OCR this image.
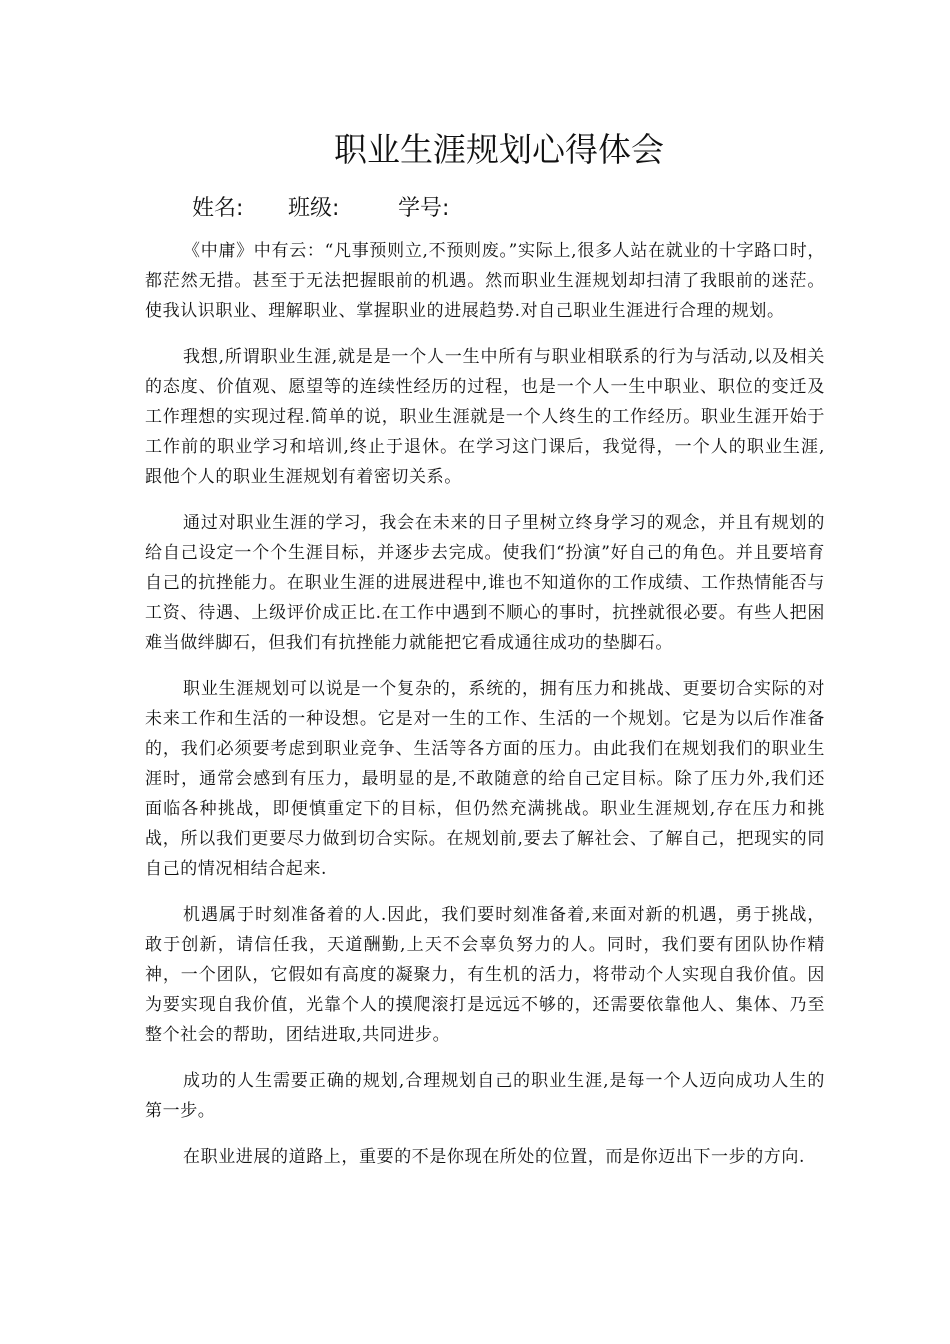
职业生涯规划心得体会
姓名: 班级:	学号:

《中庸》中有云：“凡事预则立,不预则废。”实际上,很多人站在就业的十字路口时，都茫然无措。甚至于无法把握眼前的机遇。然而职业生涯规划却扫清了我眼前的迷茫。使我认识职业、理解职业、掌握职业的进展趋势.对自己职业生涯进行合理的规划。

我想,所谓职业生涯,就是是一个人一生中所有与职业相联系的行为与活动,以及相关的态度、价值观、愿望等的连续性经历的过程，也是一个人一生中职业、职位的变迁及工作理想的实现过程.简单的说，职业生涯就是一个人终生的工作经历。职业生涯开始于工作前的职业学习和培训,终止于退休。在学习这门课后，我觉得，一个人的职业生涯,跟他个人的职业生涯规划有着密切关系。

通过对职业生涯的学习，我会在未来的日子里树立终身学习的观念，并且有规划的给自己设定一个个生涯目标，并逐步去完成。使我们“扮演”好自己的角色。并且要培育自己的抗挫能力。在职业生涯的进展进程中,谁也不知道你的工作成绩、工作热情能否与工资、待遇、上级评价成正比.在工作中遇到不顺心的事时，抗挫就很必要。有些人把困难当做绊脚石，但我们有抗挫能力就能把它看成通往成功的垫脚石。

职业生涯规划可以说是一个复杂的，系统的，拥有压力和挑战、更要切合实际的对未来工作和生活的一种设想。它是对一生的工作、生活的一个规划。它是为以后作准备的，我们必须要考虑到职业竞争、生活等各方面的压力。由此我们在规划我们的职业生涯时，通常会感到有压力，最明显的是,不敢随意的给自己定目标。除了压力外,我们还面临各种挑战，即便慎重定下的目标，但仍然充满挑战。职业生涯规划,存在压力和挑战，所以我们更要尽力做到切合实际。在规划前,要去了解社会、了解自己，把现实的同自己的情况相结合起来.

机遇属于时刻准备着的人.因此，我们要时刻准备着,来面对新的机遇，勇于挑战，敢于创新，请信任我，天道酬勤,上天不会辜负努力的人。同时，我们要有团队协作精神，一个团队，它假如有高度的凝聚力，有生机的活力，将带动个人实现自我价值。因为要实现自我价值，光靠个人的摸爬滚打是远远不够的，还需要依靠他人、集体、乃至整个社会的帮助，团结进取,共同进步。

成功的人生需要正确的规划,合理规划自己的职业生涯,是每一个人迈向成功人生的第一步。

在职业进展的道路上，重要的不是你现在所处的位置，而是你迈出下一步的方向.
